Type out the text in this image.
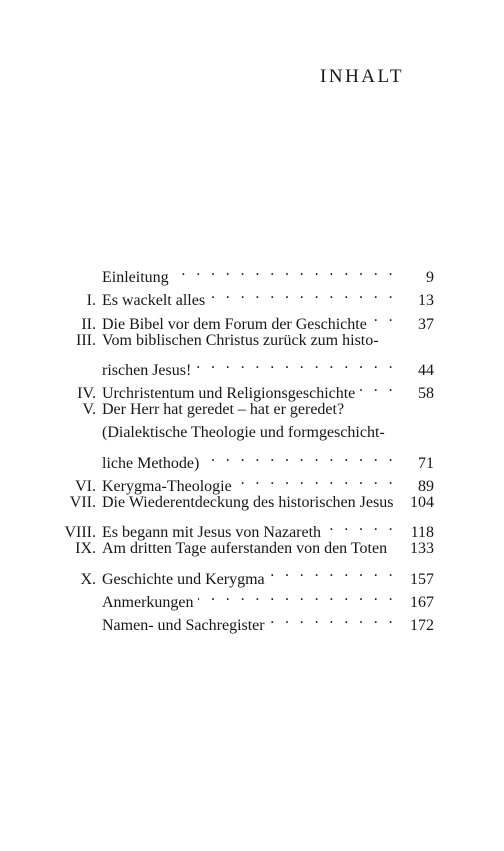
INHALT
Einleitung . . .	9
I. Es wackelt alles . . .	13
II. Die Bibel vor dem Forum der Geschichte . . .	37
III. Vom biblischen Christus zurück zum histo-
rischen Jesus! . . .	44
IV. Urchristentum und Religionsgeschichte . . .	58
V. Der Herr hat geredet – hat er geredet?
(Dialektische Theologie und formgeschicht-
liche Methode) . . .	71
VI. Kerygma-Theologie . . .	89
VII. Die Wiederentdeckung des historischen Jesus	104
VIII. Es begann mit Jesus von Nazareth . . .	118
IX. Am dritten Tage auferstanden von den Toten	133
X. Geschichte und Kerygma . . .	157
Anmerkungen . . .	167
Namen- und Sachregister . . .	172
